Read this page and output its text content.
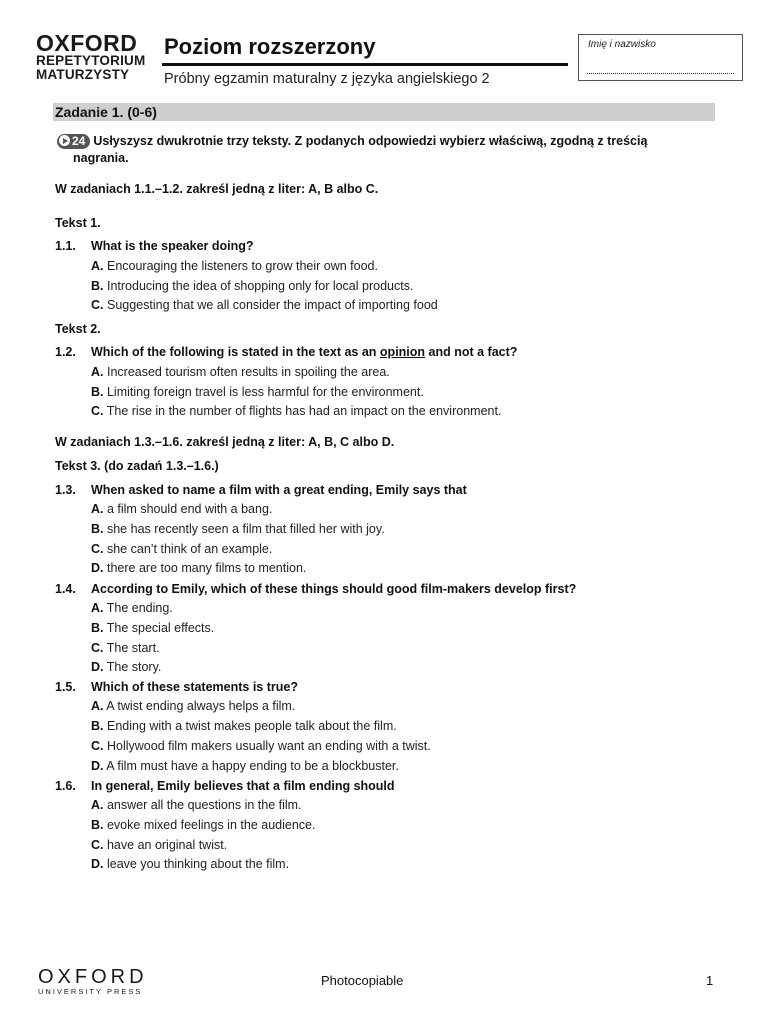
OXFORD
REPETYTORIUM
MATURZYSTY
Poziom rozszerzony
Próbny egzamin maturalny z języka angielskiego 2
Imię i nazwisko
Zadanie 1. (0-6)
24 Usłyszysz dwukrotnie trzy teksty. Z podanych odpowiedzi wybierz właściwą, zgodną z treścią
nagrania.
W zadaniach 1.1.–1.2. zakreśl jedną z liter: A, B albo C.
Tekst 1.
1.1. What is the speaker doing?
A. Encouraging the listeners to grow their own food.
B. Introducing the idea of shopping only for local products.
C. Suggesting that we all consider the impact of importing food
Tekst 2.
1.2. Which of the following is stated in the text as an opinion and not a fact?
A. Increased tourism often results in spoiling the area.
B. Limiting foreign travel is less harmful for the environment.
C. The rise in the number of flights has had an impact on the environment.
W zadaniach 1.3.–1.6. zakreśl jedną z liter: A, B, C albo D.
Tekst 3. (do zadań 1.3.–1.6.)
1.3. When asked to name a film with a great ending, Emily says that
A. a film should end with a bang.
B. she has recently seen a film that filled her with joy.
C. she can’t think of an example.
D. there are too many films to mention.
1.4. According to Emily, which of these things should good film-makers develop first?
A. The ending.
B. The special effects.
C. The start.
D. The story.
1.5. Which of these statements is true?
A. A twist ending always helps a film.
B. Ending with a twist makes people talk about the film.
C. Hollywood film makers usually want an ending with a twist.
D. A film must have a happy ending to be a blockbuster.
1.6. In general, Emily believes that a film ending should
A. answer all the questions in the film.
B. evoke mixed feelings in the audience.
C. have an original twist.
D. leave you thinking about the film.
OXFORD
UNIVERSITY PRESS
Photocopiable	1
